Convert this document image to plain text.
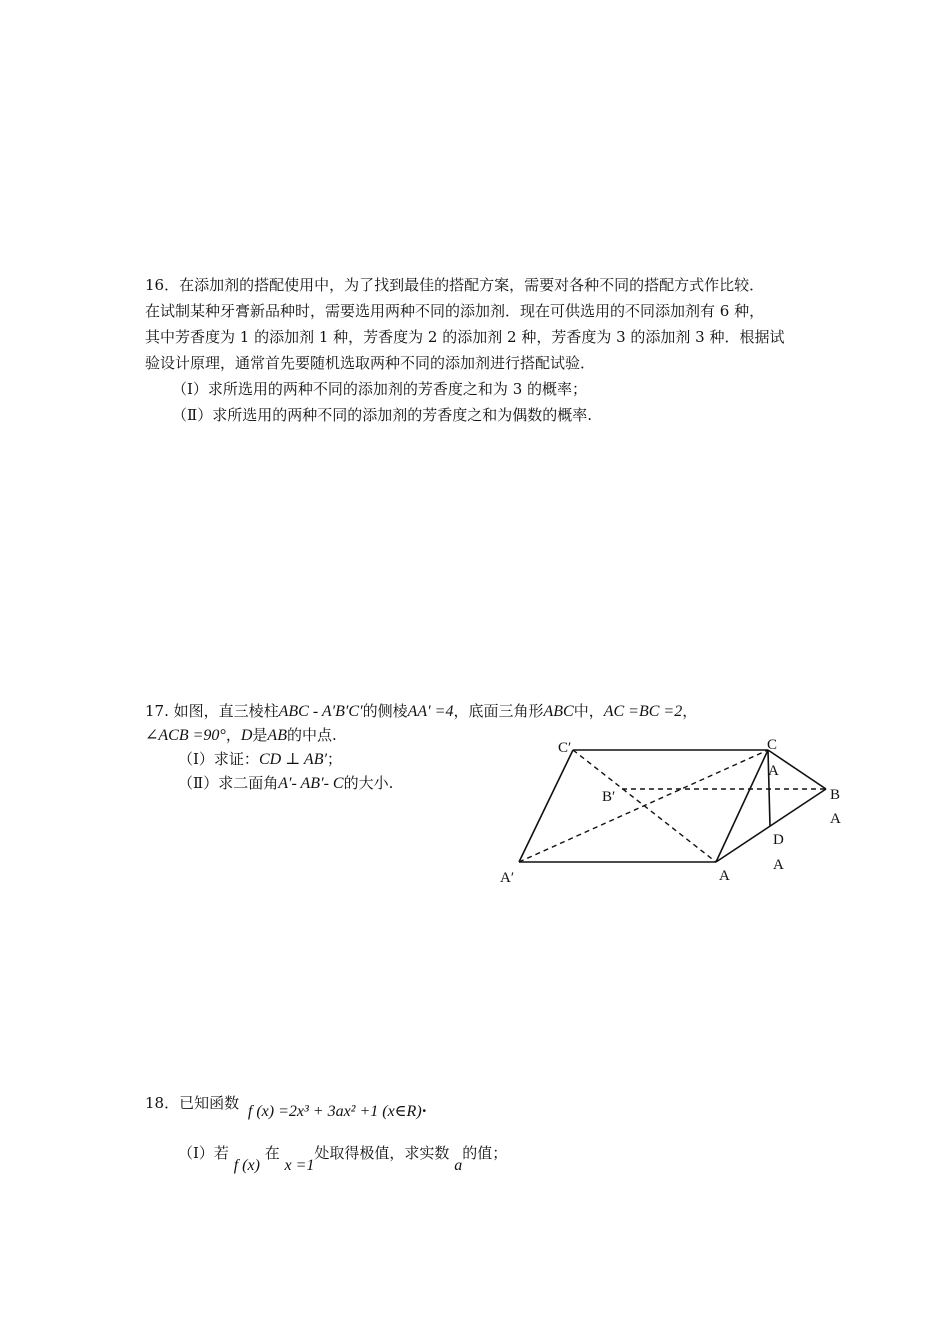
16．在添加剂的搭配使用中，为了找到最佳的搭配方案，需要对各种不同的搭配方式作比较．
在试制某种牙膏新品种时，需要选用两种不同的添加剂．现在可供选用的不同添加剂有 6 种，
其中芳香度为 1 的添加剂 1 种，芳香度为 2 的添加剂 2 种，芳香度为 3 的添加剂 3 种．根据试
验设计原理，通常首先要随机选取两种不同的添加剂进行搭配试验．
（Ⅰ）求所选用的两种不同的添加剂的芳香度之和为 3 的概率；
（Ⅱ）求所选用的两种不同的添加剂的芳香度之和为偶数的概率.
17. 如图，直三棱柱ABC - A′B′C′的侧棱AA′ =4，底面三角形ABC中，AC =BC =2，
∠ACB =90°，D是AB的中点.
（Ⅰ）求证：CD ⊥ AB′；
（Ⅱ）求二面角A′- AB′- C的大小.
C′	C
A
B′	B
A
D
A
A
A′
18．已知函数 f (x) =2x³ + 3ax² +1 (x∈R)·
（Ⅰ）若 f (x) 在 x =1处取得极值，求实数 a的值；
